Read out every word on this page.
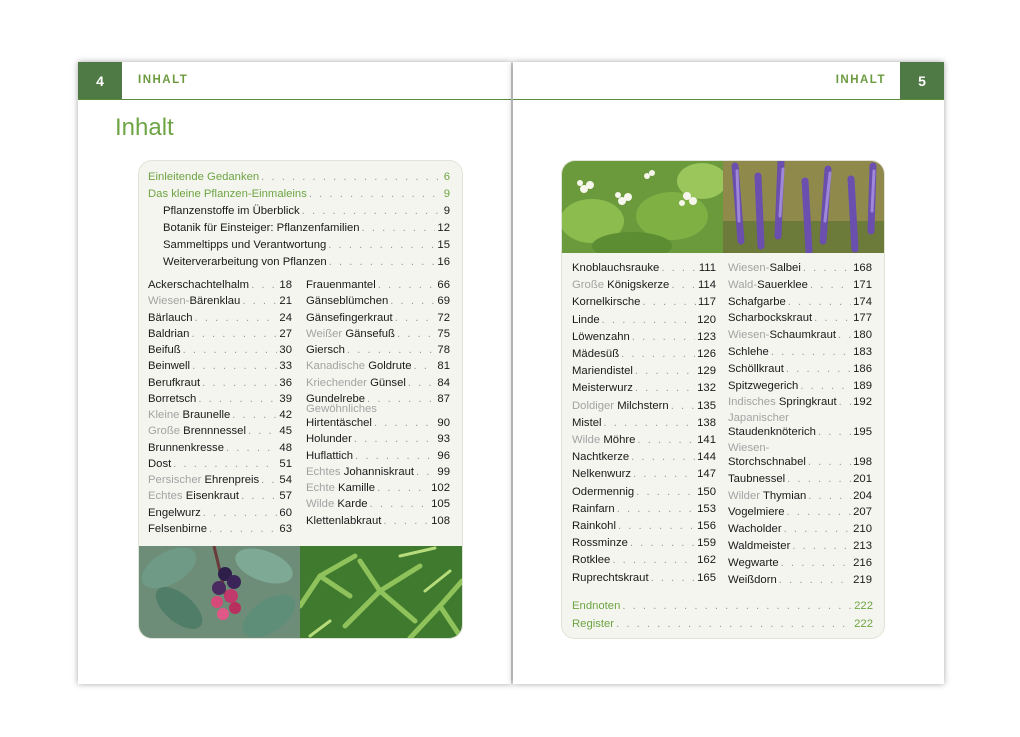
4	INHALT
Inhalt
Einleitende Gedanken . . .	6
Das kleine Pflanzen-Einmaleins . . .	9
Pflanzenstoffe im Überblick . . .	9
Botanik für Einsteiger: Pflanzenfamilien . . .	12
Sammeltipps und Verantwortung . . .	15
Weiterverarbeitung von Pflanzen . . .	16
Ackerschachtelhalm . . .	18
Wiesen-Bärenklau . . .	21
Bärlauch . . .	24
Baldrian . . .	27
Beifuß . . .	30
Beinwell . . .	33
Berufkraut . . .	36
Borretsch . . .	39
Kleine Braunelle . . .	42
Große Brennnessel . . .	45
Brunnenkresse . . .	48
Dost . . .	51
Persischer Ehrenpreis . . . 54
Echtes Eisenkraut . . .	57
Engelwurz . . .	60
Felsenbirne . . .	63
Frauenmantel . . .	66
Gänseblümchen . . .	69
Gänsefingerkraut . . .	72
Weißer Gänsefuß . . .	75
Giersch . . .	78
Kanadische Goldrute . . . 81
Kriechender Günsel . . .	84
Gundelrebe . . .	87
Gewöhnliches
Hirtentäschel . . .	90
Holunder . . .	93
Huflattich . . .	96
Echtes Johanniskraut . . . 99
Echte Kamille . . .	102
Wilde Karde . . .	105
Klettenlabkraut . . .	108
5
INHALT
Knoblauchsrauke . . .	111
Große Königskerze . . .	114
Kornelkirsche . . .	117
Linde . . .	120
Löwenzahn . . .	123
Mädesüß . . .	126
Mariendistel . . .	129
Meisterwurz . . .	132
Doldiger Milchstern . . .	135
Mistel . . .	138
Wilde Möhre . . .	141
Nachtkerze . . .	144
Nelkenwurz . . .	147
Odermennig . . .	150
Rainfarn . . .	153
Rainkohl . . .	156
Rossminze . . .	159
Rotklee . . .	162
Ruprechtskraut . . .	165
Wiesen-Salbei . . .	168
Wald-Sauerklee . . .	171
Schafgarbe . . .	174
Scharbockskraut . . .	177
Wiesen-Schaumkraut . . . 180
Schlehe . . .	183
Schöllkraut . . .	186
Spitzwegerich . . .	189
Indisches Springkraut . . . 192
Japanischer
Staudenknöterich . . .	195
Wiesen-
Storchschnabel . . .	198
Taubnessel . . .	201
Wilder Thymian . . .	204
Vogelmiere . . .	207
Wacholder . . .	210
Waldmeister . . .	213
Wegwarte . . .	216
Weißdorn . . .	219
Endnoten . . .	222
Register . . .	222
